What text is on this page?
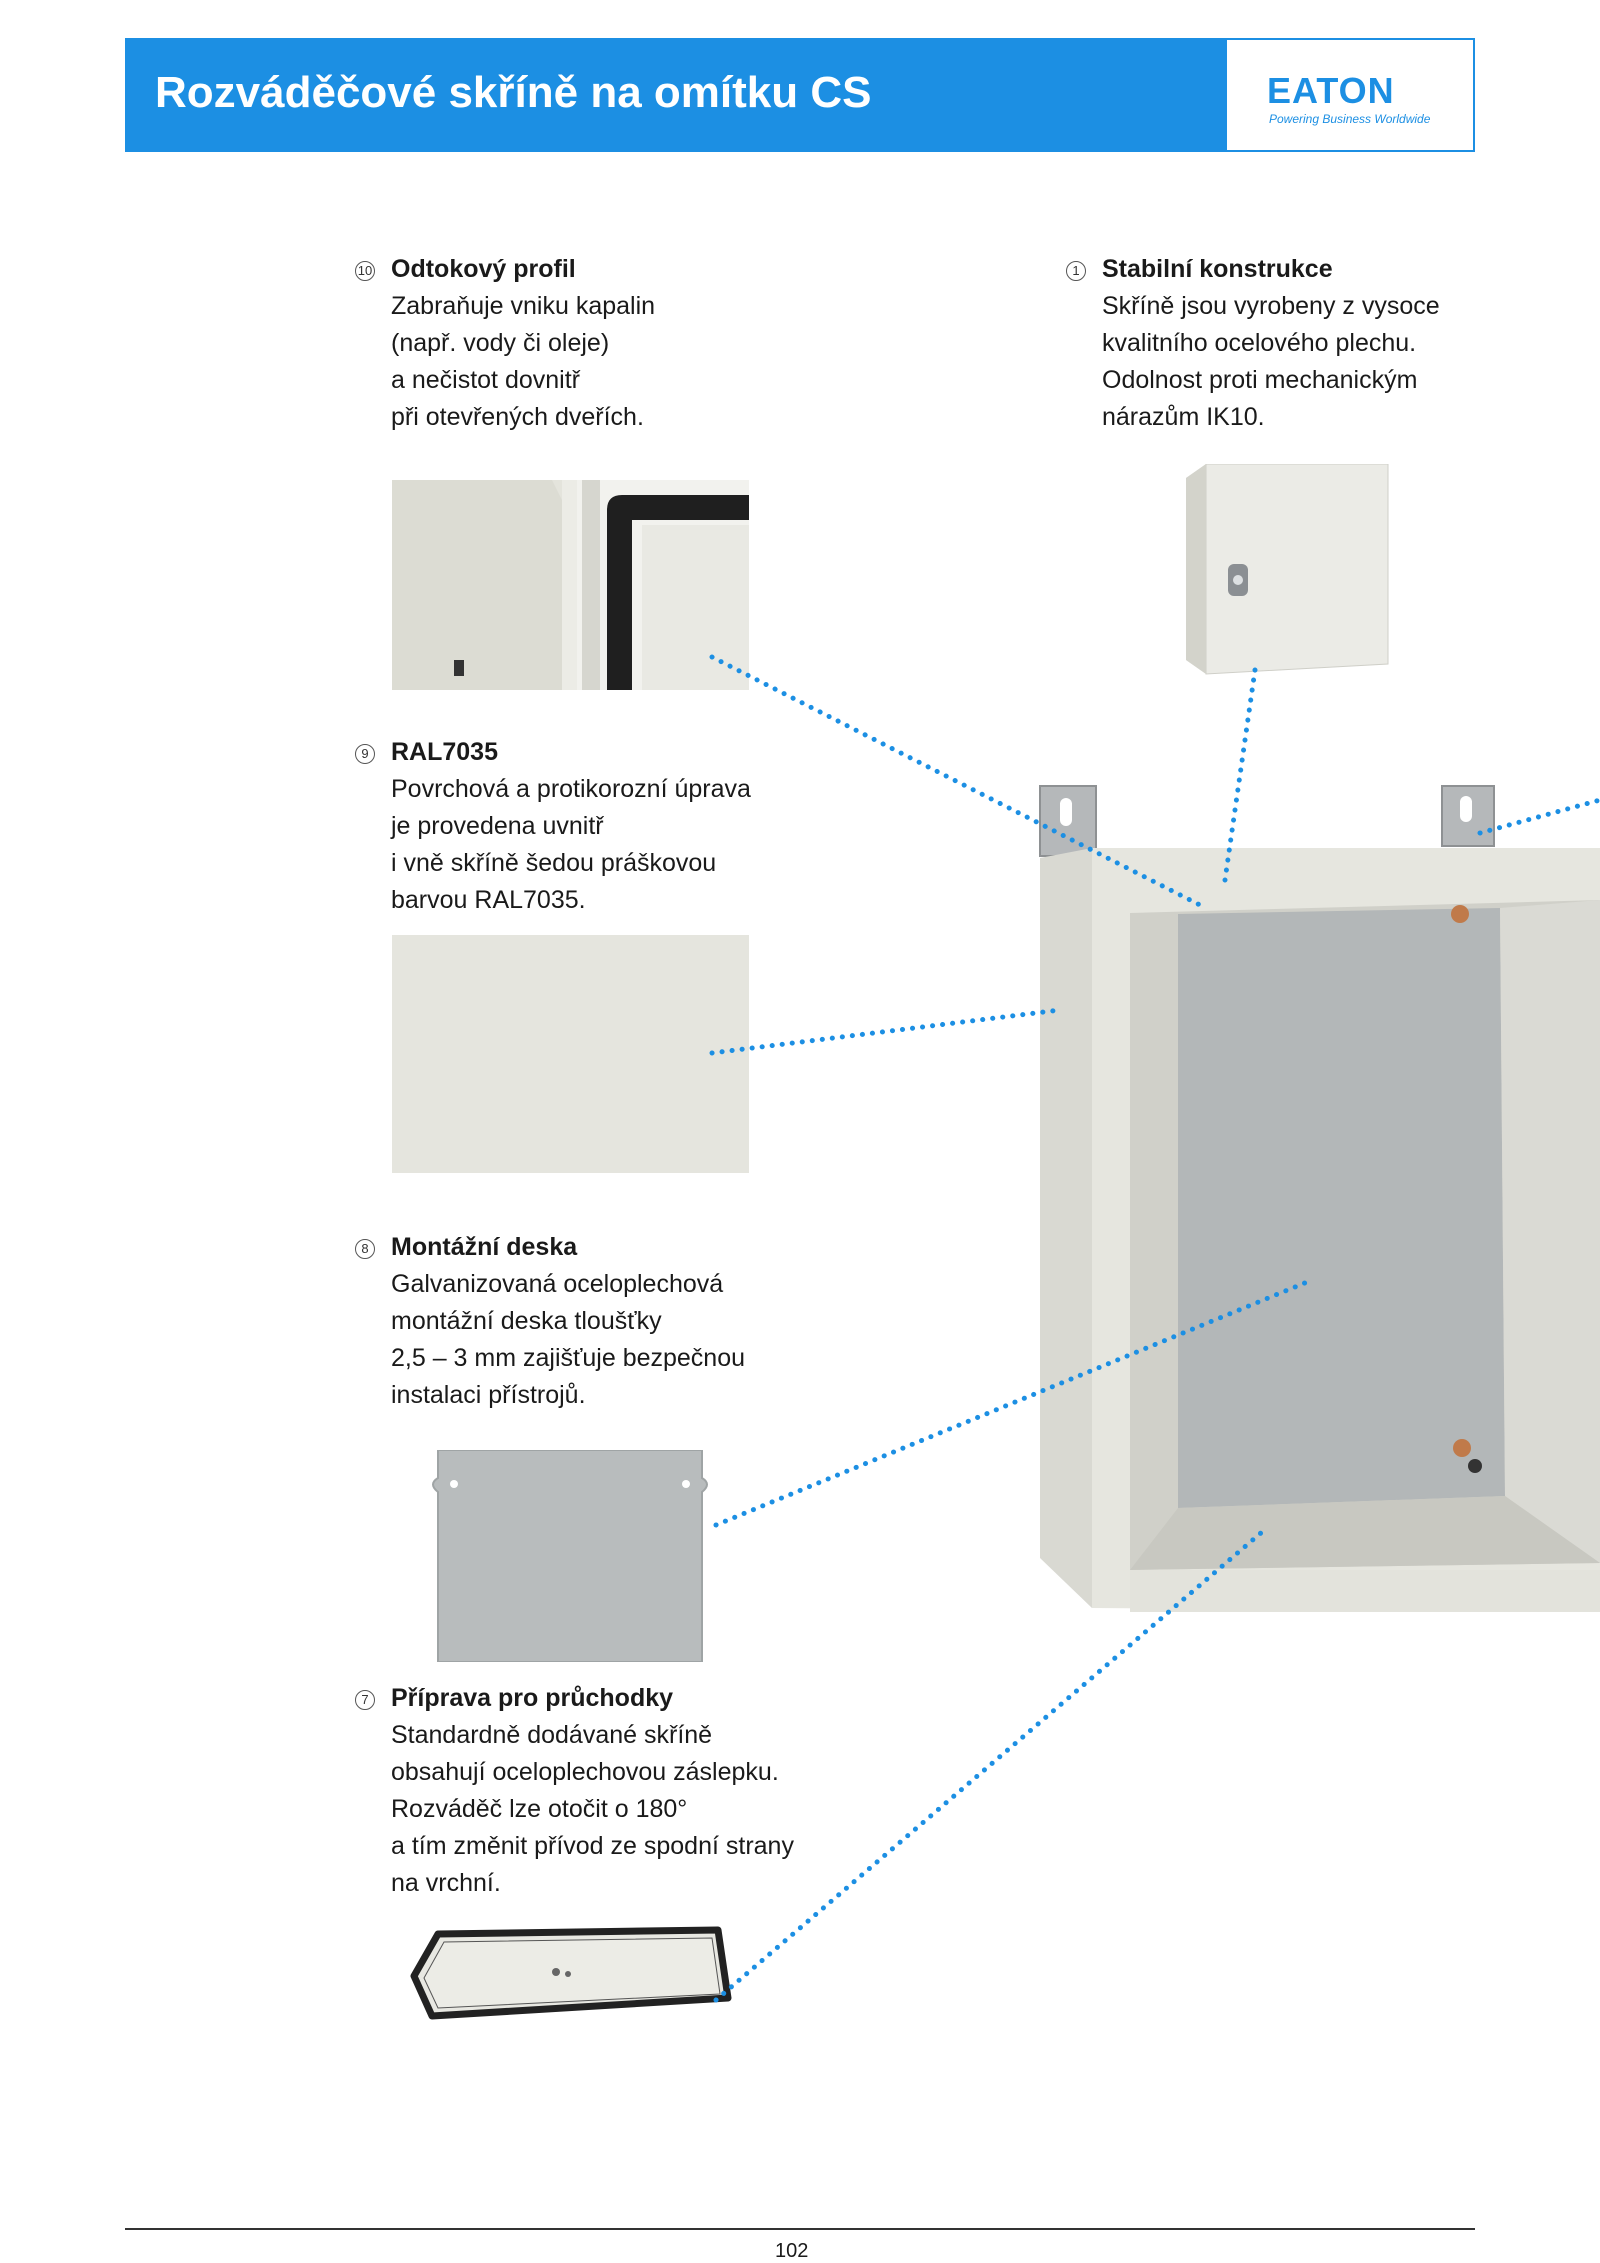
Rozváděčové skříně na omítku CS	EATON
Powering Business Worldwide
10 Odtokový profil
Zabraňuje vniku kapalin
(např. vody či oleje)
a nečistot dovnitř
při otevřených dveřích.
1 Stabilní konstrukce
Skříně jsou vyrobeny z vysoce
kvalitního ocelového plechu.
Odolnost proti mechanickým
nárazům IK10.
9 RAL7035
Povrchová a protikorozní úprava
je provedena uvnitř
i vně skříně šedou práškovou
barvou RAL7035.
8 Montážní deska
Galvanizovaná oceloplechová
montážní deska tloušťky
2,5 – 3 mm zajišťuje bezpečnou
instalaci přístrojů.
7 Příprava pro průchodky
Standardně dodávané skříně
obsahují oceloplechovou záslepku.
Rozváděč lze otočit o 180°
a tím změnit přívod ze spodní strany
na vrchní.
102
